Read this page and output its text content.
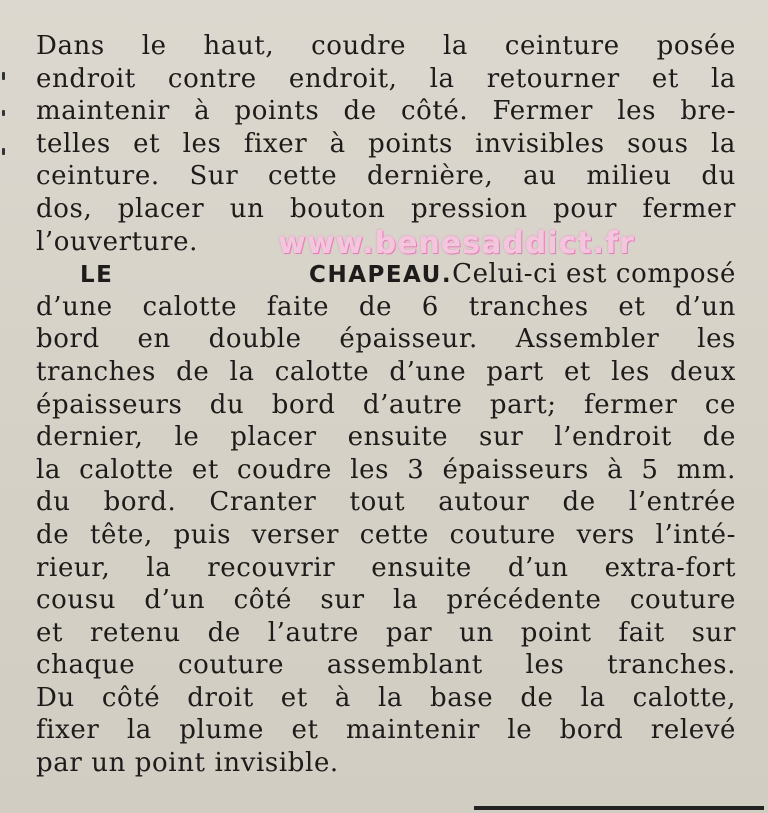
Dans le haut, coudre la ceinture posée
endroit contre endroit, la retourner et la
maintenir à points de côté. Fermer les bre-
telles et les fixer à points invisibles sous la
ceinture. Sur cette dernière, au milieu du
dos, placer un bouton pression pour fermer
l’ouverture.
LE CHAPEAU. Celui-ci est composé
d’une calotte faite de 6 tranches et d’un
bord en double épaisseur. Assembler les
tranches de la calotte d’une part et les deux
épaisseurs du bord d’autre part; fermer ce
dernier, le placer ensuite sur l’endroit de
la calotte et coudre les 3 épaisseurs à 5 mm.
du bord. Cranter tout autour de l’entrée
de tête, puis verser cette couture vers l’inté-
rieur, la recouvrir ensuite d’un extra-fort
cousu d’un côté sur la précédente couture
et retenu de l’autre par un point fait sur
chaque couture assemblant les tranches.
Du côté droit et à la base de la calotte,
fixer la plume et maintenir le bord relevé
par un point invisible.
www.benesaddict.fr
